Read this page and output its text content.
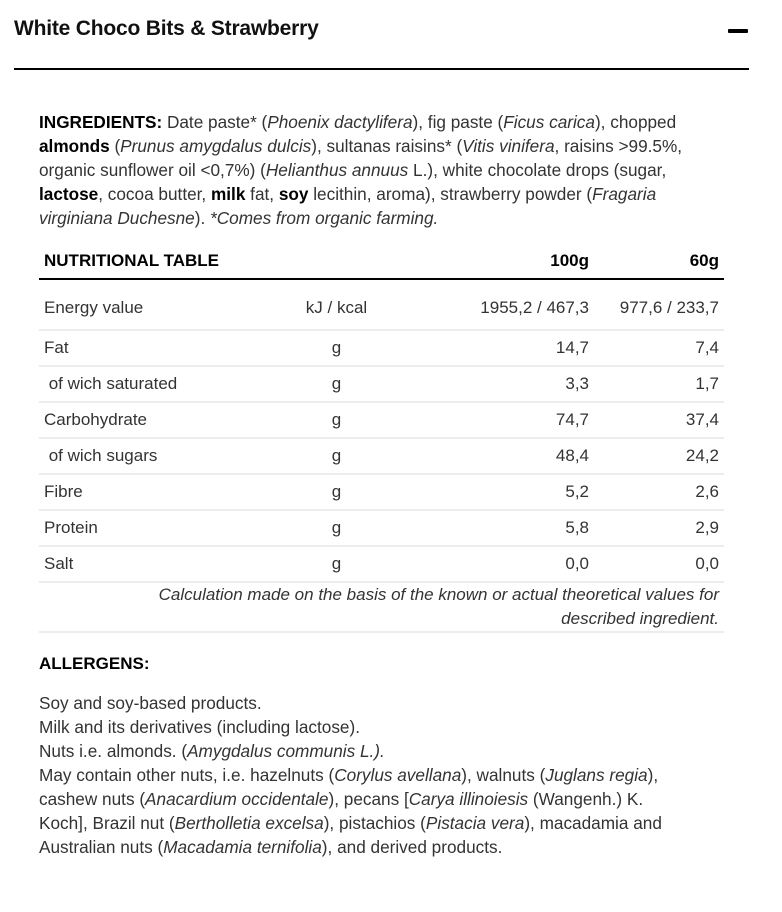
White Choco Bits & Strawberry
INGREDIENTS: Date paste* (Phoenix dactylifera), fig paste (Ficus carica), chopped almonds (Prunus amygdalus dulcis), sultanas raisins* (Vitis vinifera, raisins >99.5%, organic sunflower oil <0,7%) (Helianthus annuus L.), white chocolate drops (sugar, lactose, cocoa butter, milk fat, soy lecithin, aroma), strawberry powder (Fragaria virginiana Duchesne). *Comes from organic farming.
NUTRITIONAL TABLE		100g	60g
Energy value	kJ / kcal	1955,2 / 467,3	977,6 / 233,7
Fat	g	14,7	7,4
of wich saturated	g	3,3	1,7
Carbohydrate	g	74,7	37,4
of wich sugars	g	48,4	24,2
Fibre	g	5,2	2,6
Protein	g	5,8	2,9
Salt	g	0,0	0,0
Calculation made on the basis of the known or actual theoretical values for described ingredient.			
ALLERGENS:
Soy and soy-based products.
Milk and its derivatives (including lactose).
Nuts i.e. almonds. (Amygdalus communis L.).
May contain other nuts, i.e. hazelnuts (Corylus avellana), walnuts (Juglans regia),
cashew nuts (Anacardium occidentale), pecans [Carya illinoiesis (Wangenh.) K.
Koch], Brazil nut (Bertholletia excelsa), pistachios (Pistacia vera), macadamia and
Australian nuts (Macadamia ternifolia), and derived products.
